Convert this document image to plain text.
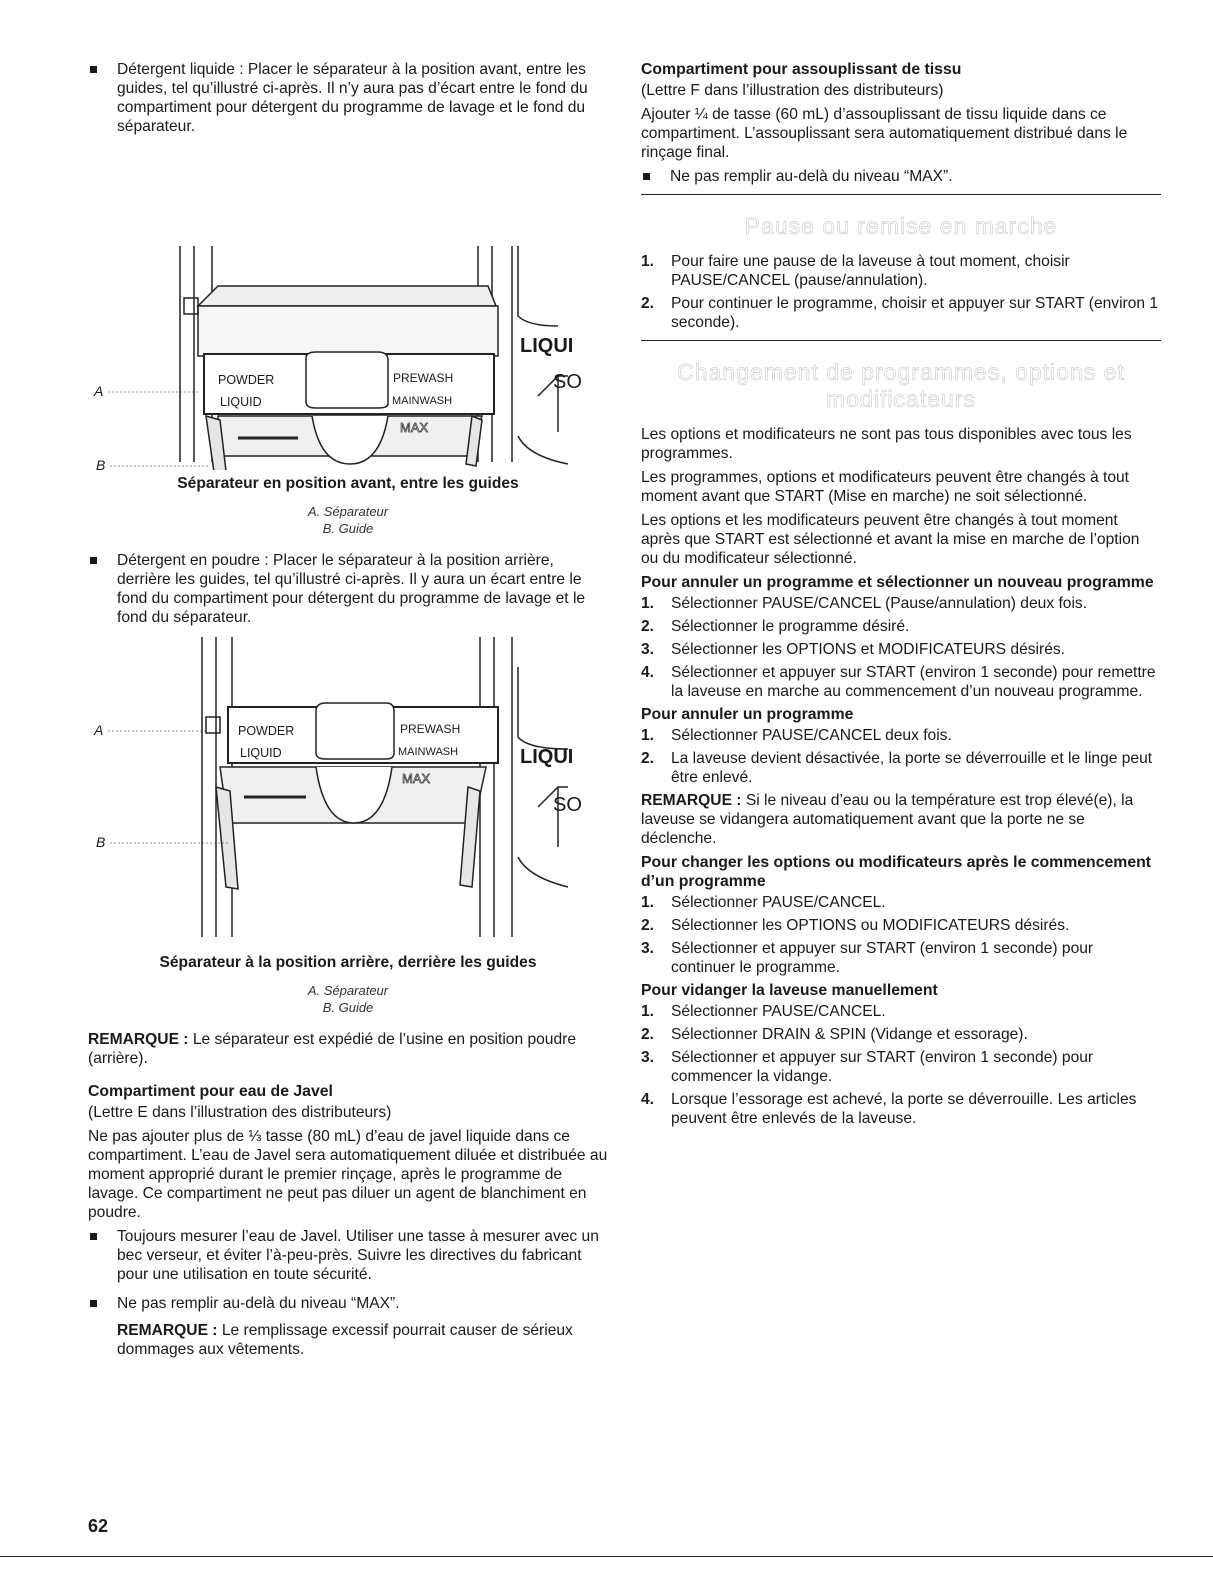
Détergent liquide : Placer le séparateur à la position avant, entre les guides, tel qu’illustré ci-après. Il n’y aura pas d’écart entre le fond du compartiment pour détergent du programme de lavage et le fond du séparateur.
POWDER
LIQUID
PREWASH
MAINWASH
MAX
LIQUI
SO
A
B
Séparateur en position avant, entre les guides
A. Séparateur
B. Guide
Détergent en poudre : Placer le séparateur à la position arrière, derrière les guides, tel qu’illustré ci-après. Il y aura un écart entre le fond du compartiment pour détergent du programme de lavage et le fond du séparateur.
POWDER
LIQUID
PREWASH
MAINWASH
MAX
LIQUI
SO
A
B
Séparateur à la position arrière, derrière les guides
A. Séparateur
B. Guide

REMARQUE : Le séparateur est expédié de l’usine en position poudre (arrière).

Compartiment pour eau de Javel

(Lettre E dans l’illustration des distributeurs)

Ne pas ajouter plus de ⅓ tasse (80 mL) d’eau de javel liquide dans ce compartiment. L’eau de Javel sera automatiquement diluée et distribuée au moment approprié durant le premier rinçage, après le programme de lavage. Ce compartiment ne peut pas diluer un agent de blanchiment en poudre.

Toujours mesurer l’eau de Javel. Utiliser une tasse à mesurer avec un bec verseur, et éviter l’à-peu-près. Suivre les directives du fabricant pour une utilisation en toute sécurité.
Ne pas remplir au-delà du niveau “MAX”.

REMARQUE : Le remplissage excessif pourrait causer de sérieux dommages aux vêtements.

Compartiment pour assouplissant de tissu

(Lettre F dans l’illustration des distributeurs)

Ajouter ¼ de tasse (60 mL) d’assouplissant de tissu liquide dans ce compartiment. L’assouplissant sera automatiquement distribué dans le rinçage final.

Ne pas remplir au-delà du niveau “MAX”.
Pause ou remise en marche
1. Pour faire une pause de la laveuse à tout moment, choisir PAUSE/CANCEL (pause/annulation).
2. Pour continuer le programme, choisir et appuyer sur START (environ 1 seconde).
Changement de programmes, options et modificateurs

Les options et modificateurs ne sont pas tous disponibles avec tous les programmes.

Les programmes, options et modificateurs peuvent être changés à tout moment avant que START (Mise en marche) ne soit sélectionné.

Les options et les modificateurs peuvent être changés à tout moment après que START est sélectionné et avant la mise en marche de l’option ou du modificateur sélectionné.

Pour annuler un programme et sélectionner un nouveau programme
1. Sélectionner PAUSE/CANCEL (Pause/annulation) deux fois.
2. Sélectionner le programme désiré.
3. Sélectionner les OPTIONS et MODIFICATEURS désirés.
4. Sélectionner et appuyer sur START (environ 1 seconde) pour remettre la laveuse en marche au commencement d’un nouveau programme.
Pour annuler un programme
1. Sélectionner PAUSE/CANCEL deux fois.
2. La laveuse devient désactivée, la porte se déverrouille et le linge peut être enlevé.

REMARQUE : Si le niveau d’eau ou la température est trop élevé(e), la laveuse se vidangera automatiquement avant que la porte ne se déclenche.

Pour changer les options ou modificateurs après le commencement d’un programme
1. Sélectionner PAUSE/CANCEL.
2. Sélectionner les OPTIONS ou MODIFICATEURS désirés.
3. Sélectionner et appuyer sur START (environ 1 seconde) pour continuer le programme.
Pour vidanger la laveuse manuellement
1. Sélectionner PAUSE/CANCEL.
2. Sélectionner DRAIN & SPIN (Vidange et essorage).
3. Sélectionner et appuyer sur START (environ 1 seconde) pour commencer la vidange.
4. Lorsque l’essorage est achevé, la porte se déverrouille. Les articles peuvent être enlevés de la laveuse.
62
